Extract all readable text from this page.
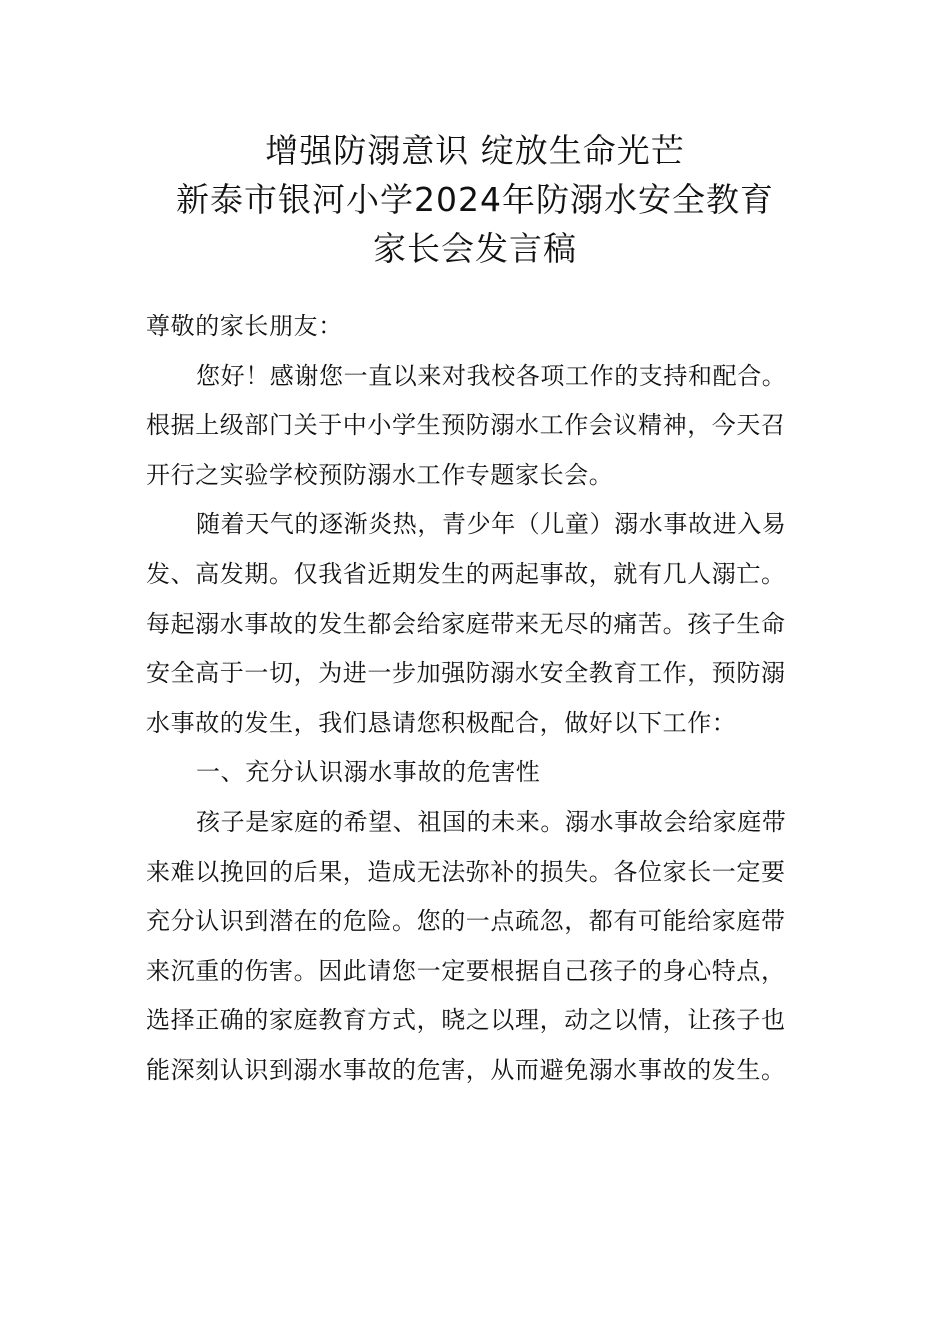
增强防溺意识 绽放生命光芒
新泰市银河小学2024年防溺水安全教育
家长会发言稿

尊敬的家长朋友：

您好！感谢您一直以来对我校各项工作的支持和配合。根据上级部门关于中小学生预防溺水工作会议精神，今天召开行之实验学校预防溺水工作专题家长会。

随着天气的逐渐炎热，青少年（儿童）溺水事故进入易发、高发期。仅我省近期发生的两起事故，就有几人溺亡。每起溺水事故的发生都会给家庭带来无尽的痛苦。孩子生命安全高于一切，为进一步加强防溺水安全教育工作，预防溺水事故的发生，我们恳请您积极配合，做好以下工作：

一、充分认识溺水事故的危害性

孩子是家庭的希望、祖国的未来。溺水事故会给家庭带来难以挽回的后果，造成无法弥补的损失。各位家长一定要充分认识到潜在的危险。您的一点疏忽，都有可能给家庭带来沉重的伤害。因此请您一定要根据自己孩子的身心特点，选择正确的家庭教育方式，晓之以理，动之以情，让孩子也能深刻认识到溺水事故的危害，从而避免溺水事故的发生。
